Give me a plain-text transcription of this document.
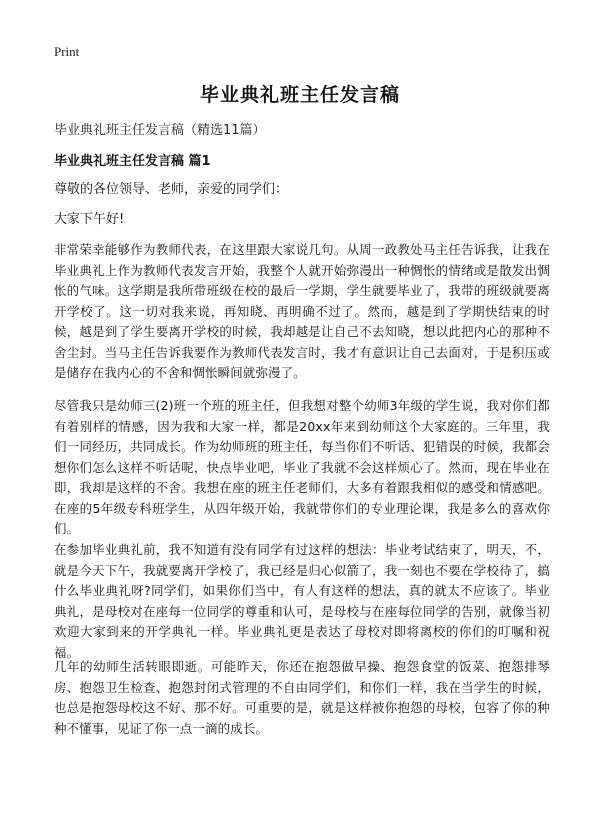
Print
毕业典礼班主任发言稿

毕业典礼班主任发言稿（精选11篇）

毕业典礼班主任发言稿 篇1

尊敬的各位领导、老师，亲爱的同学们：

大家下午好!

非常荣幸能够作为教师代表，在这里跟大家说几句。从周一政教处马主任告诉我，让我在毕业典礼上作为教师代表发言开始，我整个人就开始弥漫出一种惆怅的情绪或是散发出惆怅的气味。这学期是我所带班级在校的最后一学期，学生就要毕业了，我带的班级就要离开学校了。这一切对我来说，再知晓、再明确不过了。然而，越是到了学期快结束的时候，越是到了学生要离开学校的时候，我却越是让自己不去知晓，想以此把内心的那种不舍尘封。当马主任告诉我要作为教师代表发言时，我才有意识让自己去面对，于是积压或是储存在我内心的不舍和惆怅瞬间就弥漫了。

尽管我只是幼师三(2)班一个班的班主任，但我想对整个幼师3年级的学生说，我对你们都有着别样的情感，因为我和大家一样，都是20xx年来到幼师这个大家庭的。三年里，我们一同经历，共同成长。作为幼师班的班主任，每当你们不听话、犯错误的时候，我都会想你们怎么这样不听话呢，快点毕业吧，毕业了我就不会这样烦心了。然而，现在毕业在即，我却是这样的不舍。我想在座的班主任老师们，大多有着跟我相似的感受和情感吧。在座的5年级专科班学生，从四年级开始，我就带你们的专业理论课，我是多么的喜欢你们。

在参加毕业典礼前，我不知道有没有同学有过这样的想法：毕业考试结束了，明天，不，就是今天下午，我就要离开学校了，我已经是归心似箭了，我一刻也不要在学校待了，搞什么毕业典礼呀?同学们，如果你们当中，有人有这样的想法，真的就太不应该了。毕业典礼，是母校对在座每一位同学的尊重和认可，是母校与在座每位同学的告别，就像当初欢迎大家到来的开学典礼一样。毕业典礼更是表达了母校对即将离校的你们的叮嘱和祝福。

几年的幼师生活转眼即逝。可能昨天，你还在抱怨做早操、抱怨食堂的饭菜、抱怨排琴房、抱怨卫生检查、抱怨封闭式管理的不自由同学们，和你们一样，我在当学生的时候，也总是抱怨母校这不好、那不好。可重要的是，就是这样被你抱怨的母校，包容了你的种种不懂事，见证了你一点一滴的成长。
